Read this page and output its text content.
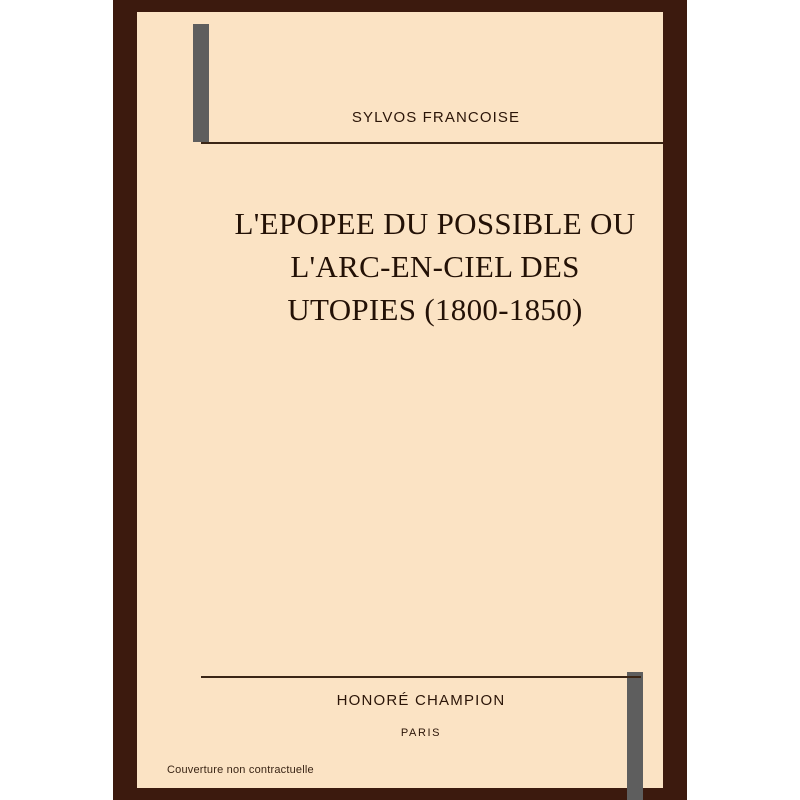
SYLVOS FRANCOISE
L'EPOPEE DU POSSIBLE OU
L'ARC-EN-CIEL DES
UTOPIES (1800-1850)
HONORÉ CHAMPION
PARIS
Couverture non contractuelle
